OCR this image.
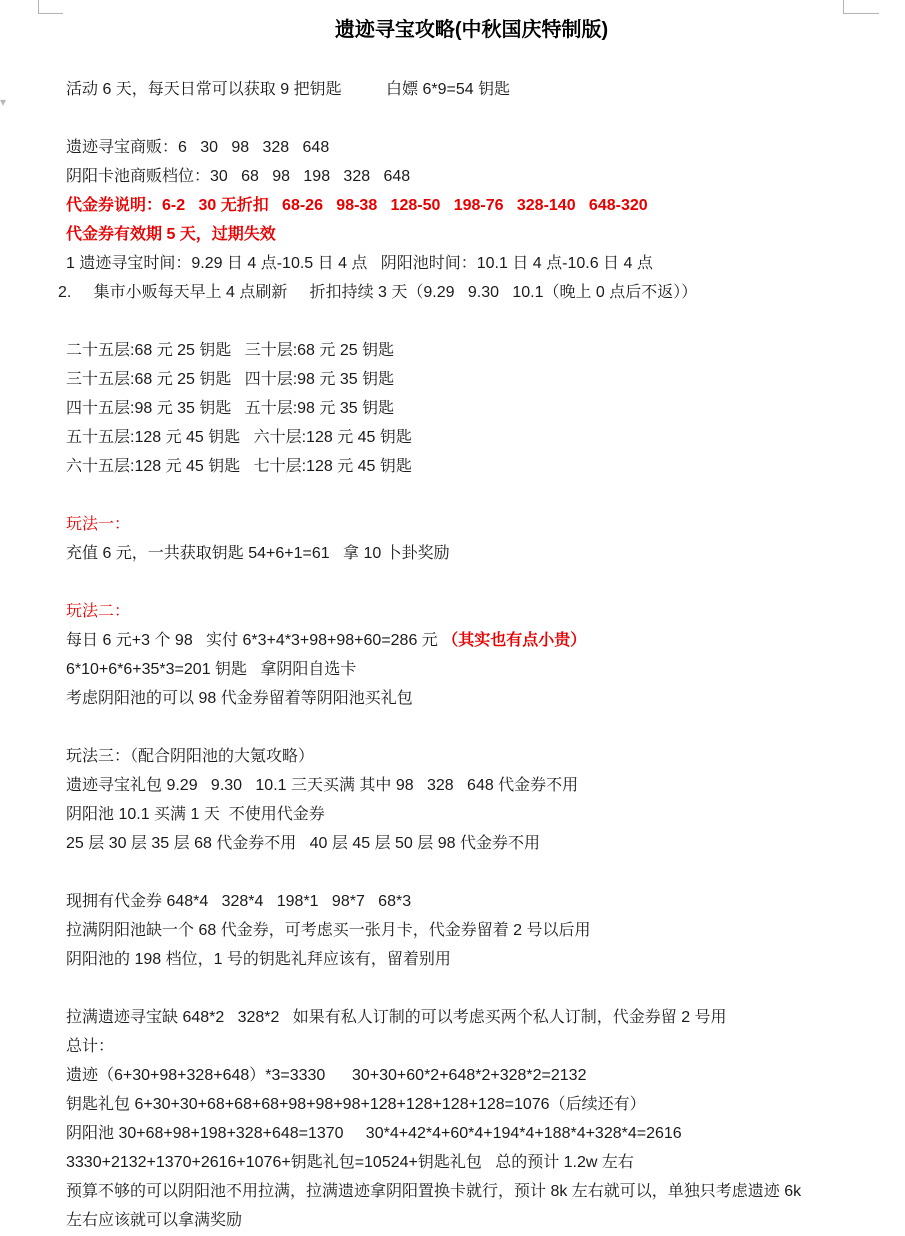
▾
遗迹寻宝攻略(中秋国庆特制版)

活动 6 天，每天日常可以获取 9 把钥匙          白嫖 6*9=54 钥匙

遗迹寻宝商贩：6   30   98   328   648

阴阳卡池商贩档位：30   68   98   198   328   648

代金券说明：6-2   30 无折扣   68-26   98-38   128-50   198-76   328-140   648-320

代金券有效期 5 天，过期失效

1 遗迹寻宝时间：9.29 日 4 点-10.5 日 4 点   阴阳池时间：10.1 日 4 点-10.6 日 4 点

2.     集市小贩每天早上 4 点刷新     折扣持续 3 天（9.29   9.30   10.1（晚上 0 点后不返））

二十五层:68 元 25 钥匙   三十层:68 元 25 钥匙

三十五层:68 元 25 钥匙   四十层:98 元 35 钥匙

四十五层:98 元 35 钥匙   五十层:98 元 35 钥匙

五十五层:128 元 45 钥匙   六十层:128 元 45 钥匙

六十五层:128 元 45 钥匙   七十层:128 元 45 钥匙

玩法一：

充值 6 元，一共获取钥匙 54+6+1=61   拿 10 卜卦奖励

玩法二：

每日 6 元+3 个 98   实付 6*3+4*3+98+98+60=286 元 （其实也有点小贵）

6*10+6*6+35*3=201 钥匙   拿阴阳自选卡

考虑阴阳池的可以 98 代金券留着等阴阳池买礼包

玩法三：（配合阴阳池的大氪攻略）

遗迹寻宝礼包 9.29   9.30   10.1 三天买满 其中 98   328   648 代金券不用

阴阳池 10.1 买满 1 天  不使用代金券

25 层 30 层 35 层 68 代金券不用   40 层 45 层 50 层 98 代金券不用

现拥有代金券 648*4   328*4   198*1   98*7   68*3

拉满阴阳池缺一个 68 代金券，可考虑买一张月卡，代金券留着 2 号以后用

阴阳池的 198 档位，1 号的钥匙礼拜应该有，留着别用

拉满遗迹寻宝缺 648*2   328*2   如果有私人订制的可以考虑买两个私人订制，代金券留 2 号用

总计：

遗迹（6+30+98+328+648）*3=3330      30+30+60*2+648*2+328*2=2132

钥匙礼包 6+30+30+68+68+68+98+98+98+128+128+128+128=1076（后续还有）

阴阳池 30+68+98+198+328+648=1370     30*4+42*4+60*4+194*4+188*4+328*4=2616

3330+2132+1370+2616+1076+钥匙礼包=10524+钥匙礼包   总的预计 1.2w 左右

预算不够的可以阴阳池不用拉满，拉满遗迹拿阴阳置换卡就行，预计 8k 左右就可以，单独只考虑遗迹 6k

左右应该就可以拿满奖励
